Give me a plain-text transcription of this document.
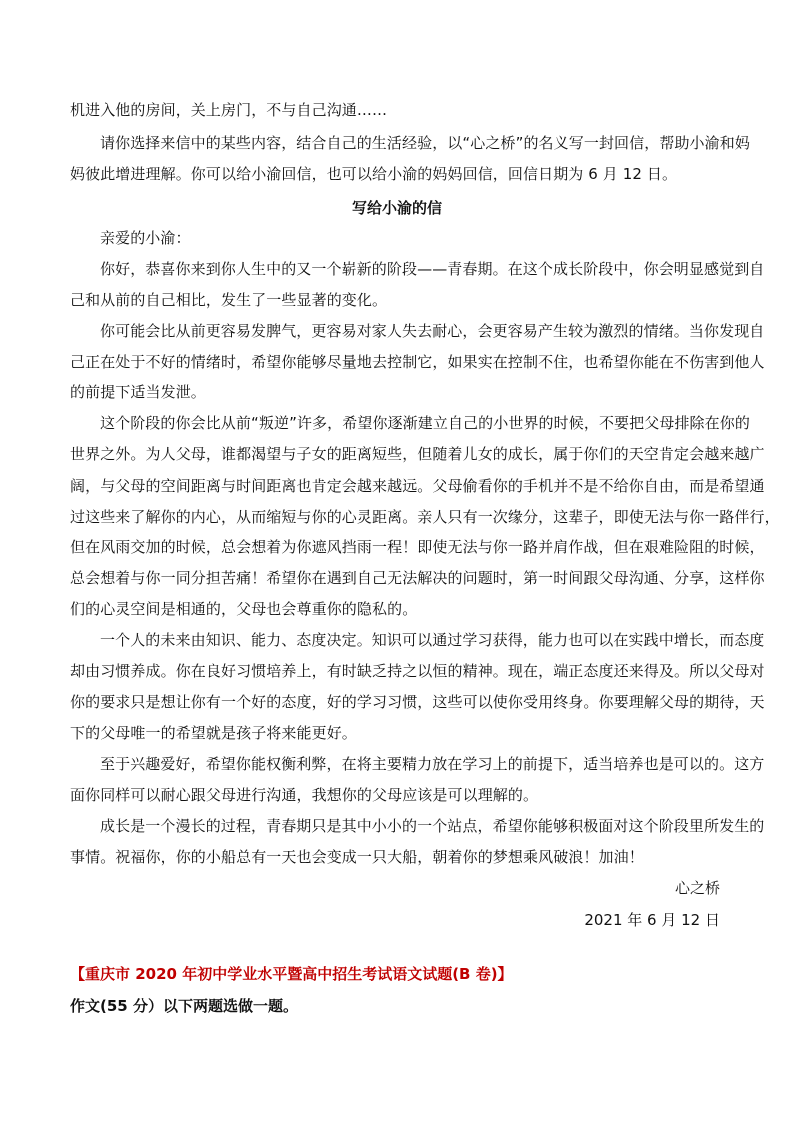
机进入他的房间，关上房门，不与自己沟通……
请你选择来信中的某些内容，结合自己的生活经验，以“心之桥”的名义写一封回信，帮助小渝和妈
妈彼此增进理解。你可以给小渝回信，也可以给小渝的妈妈回信，回信日期为 6 月 12 日。
写给小渝的信
亲爱的小渝：
你好，恭喜你来到你人生中的又一个崭新的阶段——青春期。在这个成长阶段中，你会明显感觉到自
己和从前的自己相比，发生了一些显著的变化。
你可能会比从前更容易发脾气，更容易对家人失去耐心，会更容易产生较为激烈的情绪。当你发现自
己正在处于不好的情绪时，希望你能够尽量地去控制它，如果实在控制不住，也希望你能在不伤害到他人
的前提下适当发泄。
这个阶段的你会比从前“叛逆”许多，希望你逐渐建立自己的小世界的时候，不要把父母排除在你的
世界之外。为人父母，谁都渴望与子女的距离短些，但随着儿女的成长，属于你们的天空肯定会越来越广
阔，与父母的空间距离与时间距离也肯定会越来越远。父母偷看你的手机并不是不给你自由，而是希望通
过这些来了解你的内心，从而缩短与你的心灵距离。亲人只有一次缘分，这辈子，即使无法与你一路伴行，
但在风雨交加的时候，总会想着为你遮风挡雨一程！即使无法与你一路并肩作战，但在艰难险阻的时候，
总会想着与你一同分担苦痛！希望你在遇到自己无法解决的问题时，第一时间跟父母沟通、分享，这样你
们的心灵空间是相通的，父母也会尊重你的隐私的。
一个人的未来由知识、能力、态度决定。知识可以通过学习获得，能力也可以在实践中增长，而态度
却由习惯养成。你在良好习惯培养上，有时缺乏持之以恒的精神。现在，端正态度还来得及。所以父母对
你的要求只是想让你有一个好的态度，好的学习习惯，这些可以使你受用终身。你要理解父母的期待，天
下的父母唯一的希望就是孩子将来能更好。
至于兴趣爱好，希望你能权衡利弊，在将主要精力放在学习上的前提下，适当培养也是可以的。这方
面你同样可以耐心跟父母进行沟通，我想你的父母应该是可以理解的。
成长是一个漫长的过程，青春期只是其中小小的一个站点，希望你能够积极面对这个阶段里所发生的
事情。祝福你，你的小船总有一天也会变成一只大船，朝着你的梦想乘风破浪！加油！
心之桥
2021 年 6 月 12 日
【重庆市 2020 年初中学业水平暨高中招生考试语文试题(B 卷)】
作文(55 分）以下两题选做一题。
